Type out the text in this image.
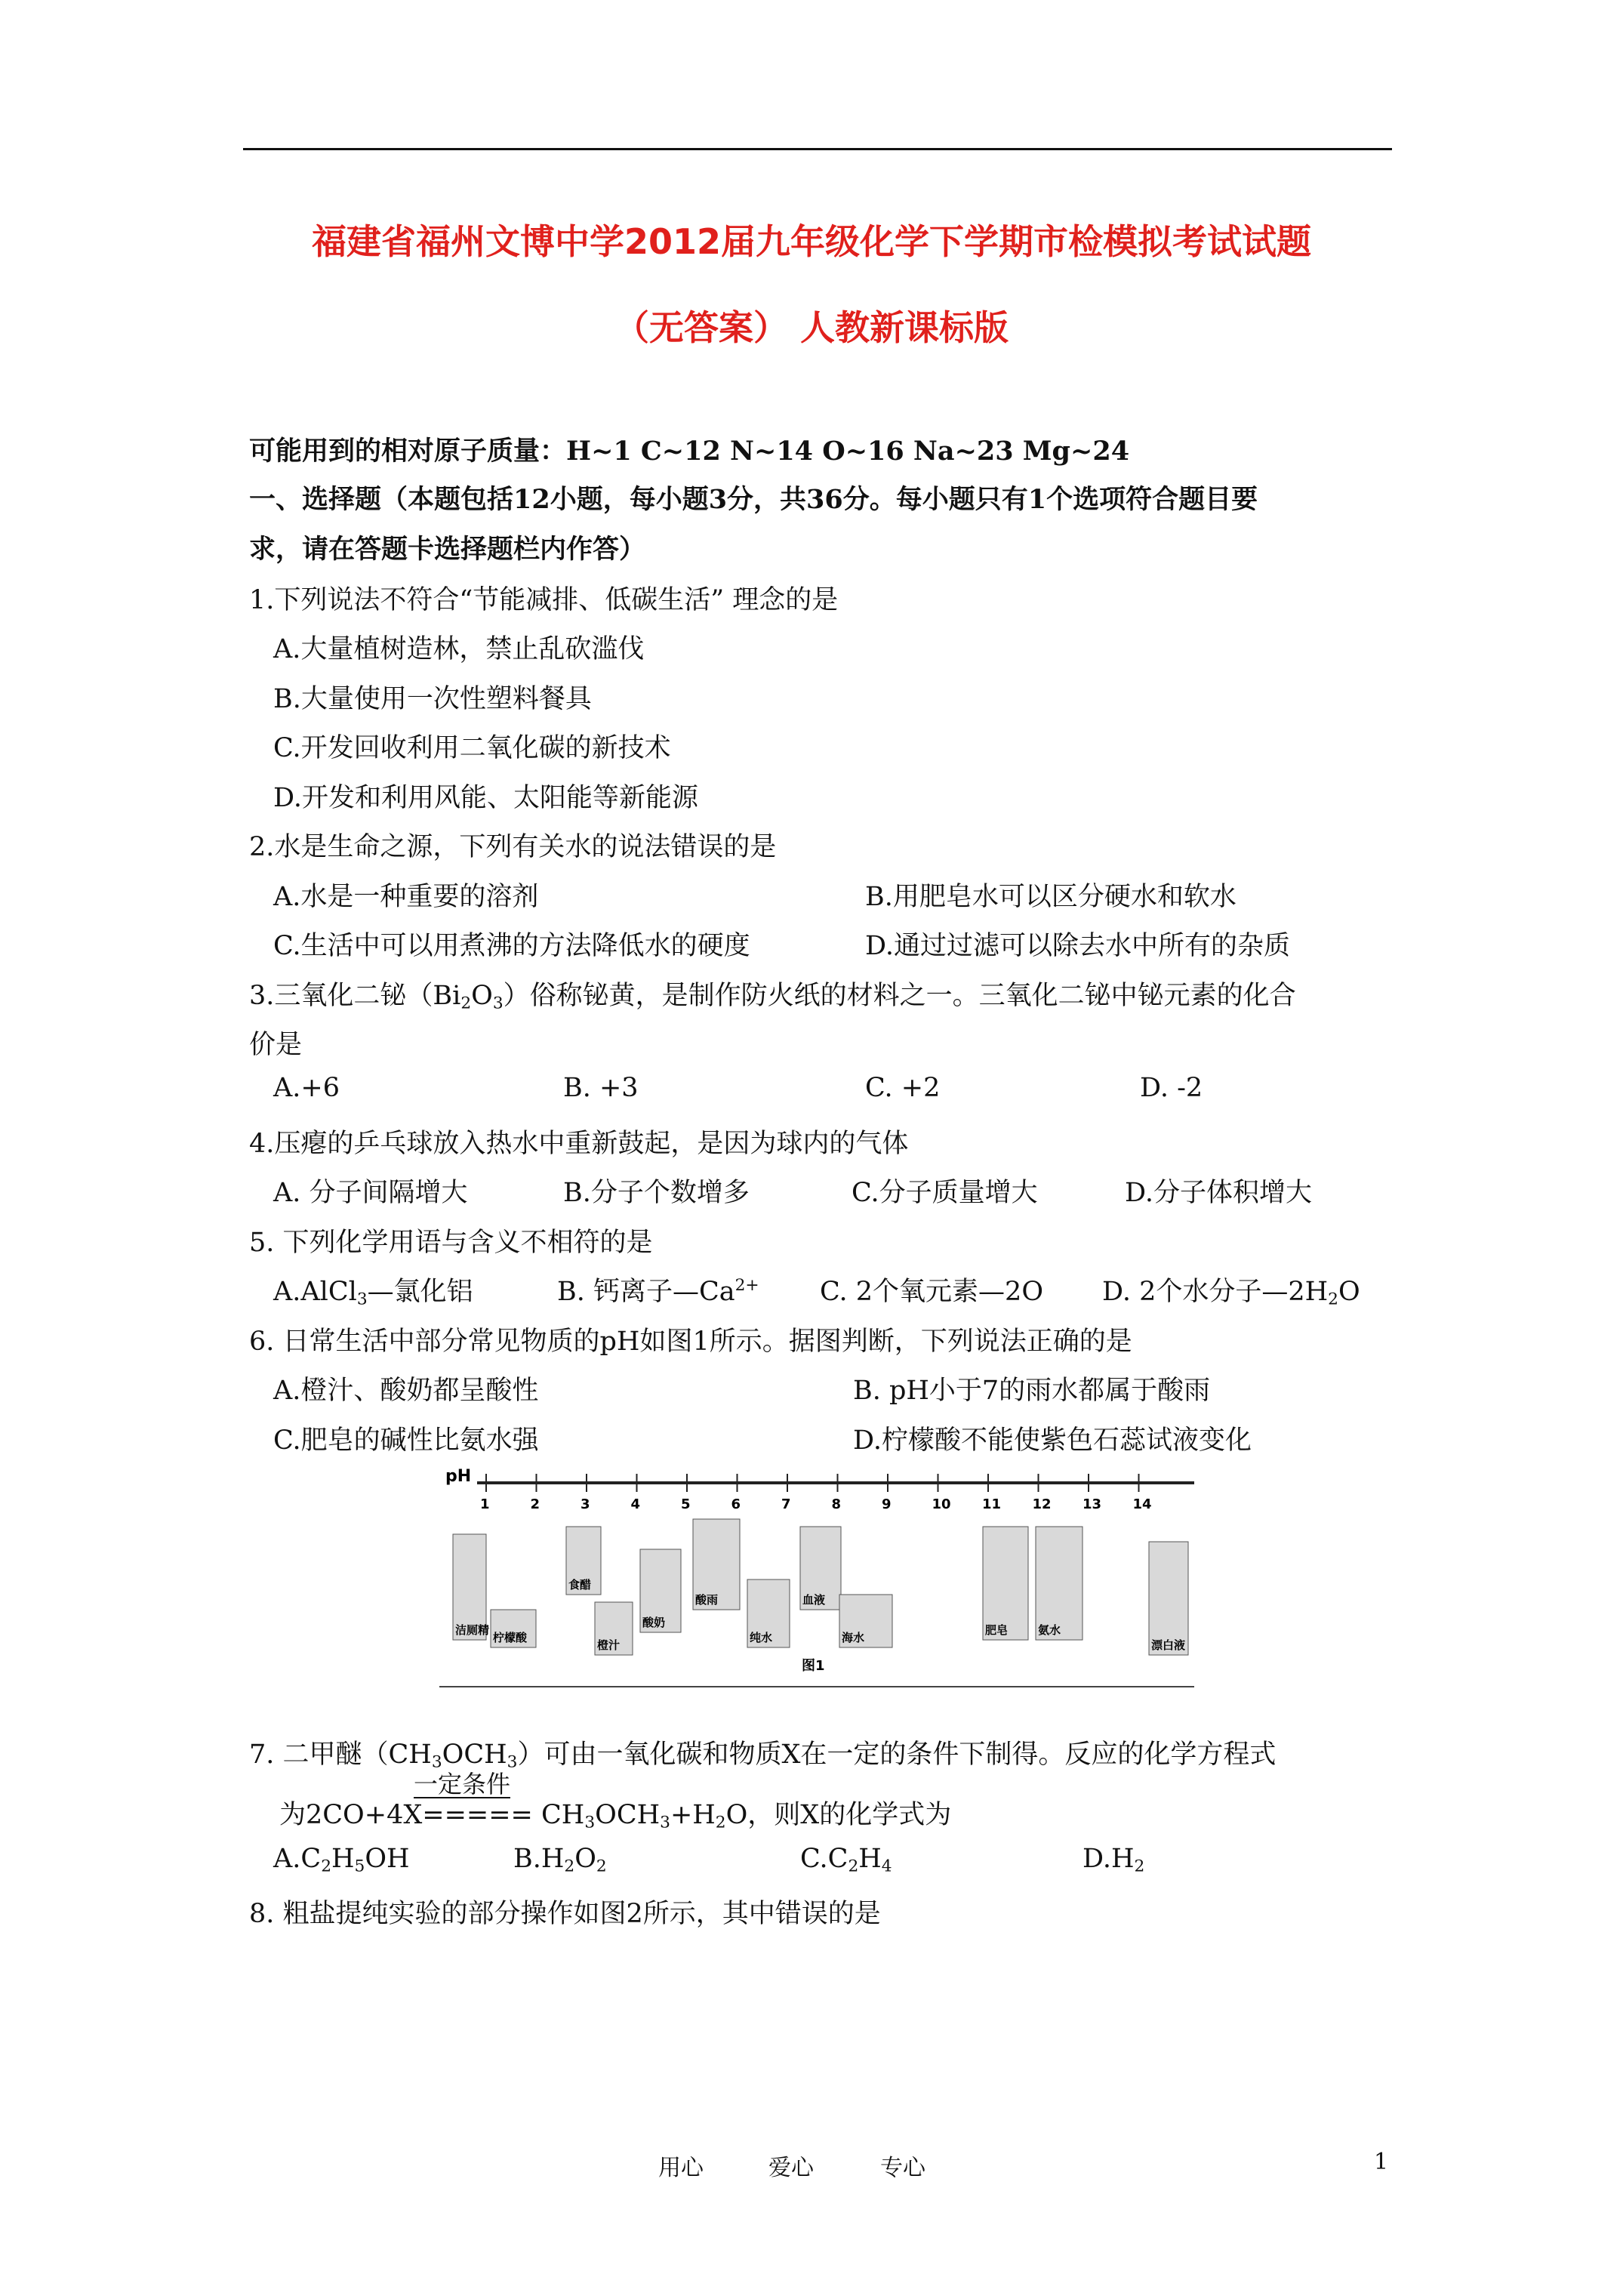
福建省福州文博中学2012届九年级化学下学期市检模拟考试试题
（无答案） 人教新课标版
可能用到的相对原子质量：H~1 C~12 N~14 O~16 Na~23 Mg~24
一、选择题（本题包括12小题，每小题3分，共36分。每小题只有1个选项符合题目要
求，请在答题卡选择题栏内作答）
1.下列说法不符合“节能减排、低碳生活” 理念的是
A.大量植树造林，禁止乱砍滥伐
B.大量使用一次性塑料餐具
C.开发回收利用二氧化碳的新技术
D.开发和利用风能、太阳能等新能源
2.水是生命之源，下列有关水的说法错误的是
A.水是一种重要的溶剂	B.用肥皂水可以区分硬水和软水
C.生活中可以用煮沸的方法降低水的硬度	D.通过过滤可以除去水中所有的杂质
3.三氧化二铋$(Bi_2O_3)$俗称铋黄，是制作防火纸的材料之一。三氧化二铋中铋元素的化合
价是
A.+6	B. +3	C. +2	D. -2
4.压瘪的乒乓球放入热水中重新鼓起，是因为球内的气体
A. 分子间隔增大	B.分子个数增多	C.分子质量增大	D.分子体积增大
5. 下列化学用语与含义不相符的是
A.AlCl$_3$—氯化铝	B. 钙离子$—Ca^{2+}$ C. 2个氧元素—2O D. 2个水分子$—2H_2O$
6. 日常生活中部分常见物质的pH如图1所示。据图判断，下列说法正确的是
A.橙汁、酸奶都呈酸性	B. pH小于7的雨水都属于酸雨
C.肥皂的碱性比氨水强	D.柠檬酸不能使紫色石蕊试液变化
pH
1	2	3	4	5	6	7	8	9	10 11 12 13 14
洁厕精
柠檬酸
食醋
橙汁
酸奶
酸雨
纯水
血液
海水
肥皂	氨水
漂白液
图1
7. 二甲醚$(CH_3OCH_3)$可由一氧化碳和物质X在一定的条件下制得。反应的化学方程式
一定条件
为$2CO+4X===== CH_3OCH_3+H_2O$，则X的化学式为
$A.C_2H_5OH$	$B.H_2O_2$	$C.C_2H_4$	$D.H_2$
8. 粗盐提纯实验的部分操作如图2所示，其中错误的是
用心	爱心	专心	1
